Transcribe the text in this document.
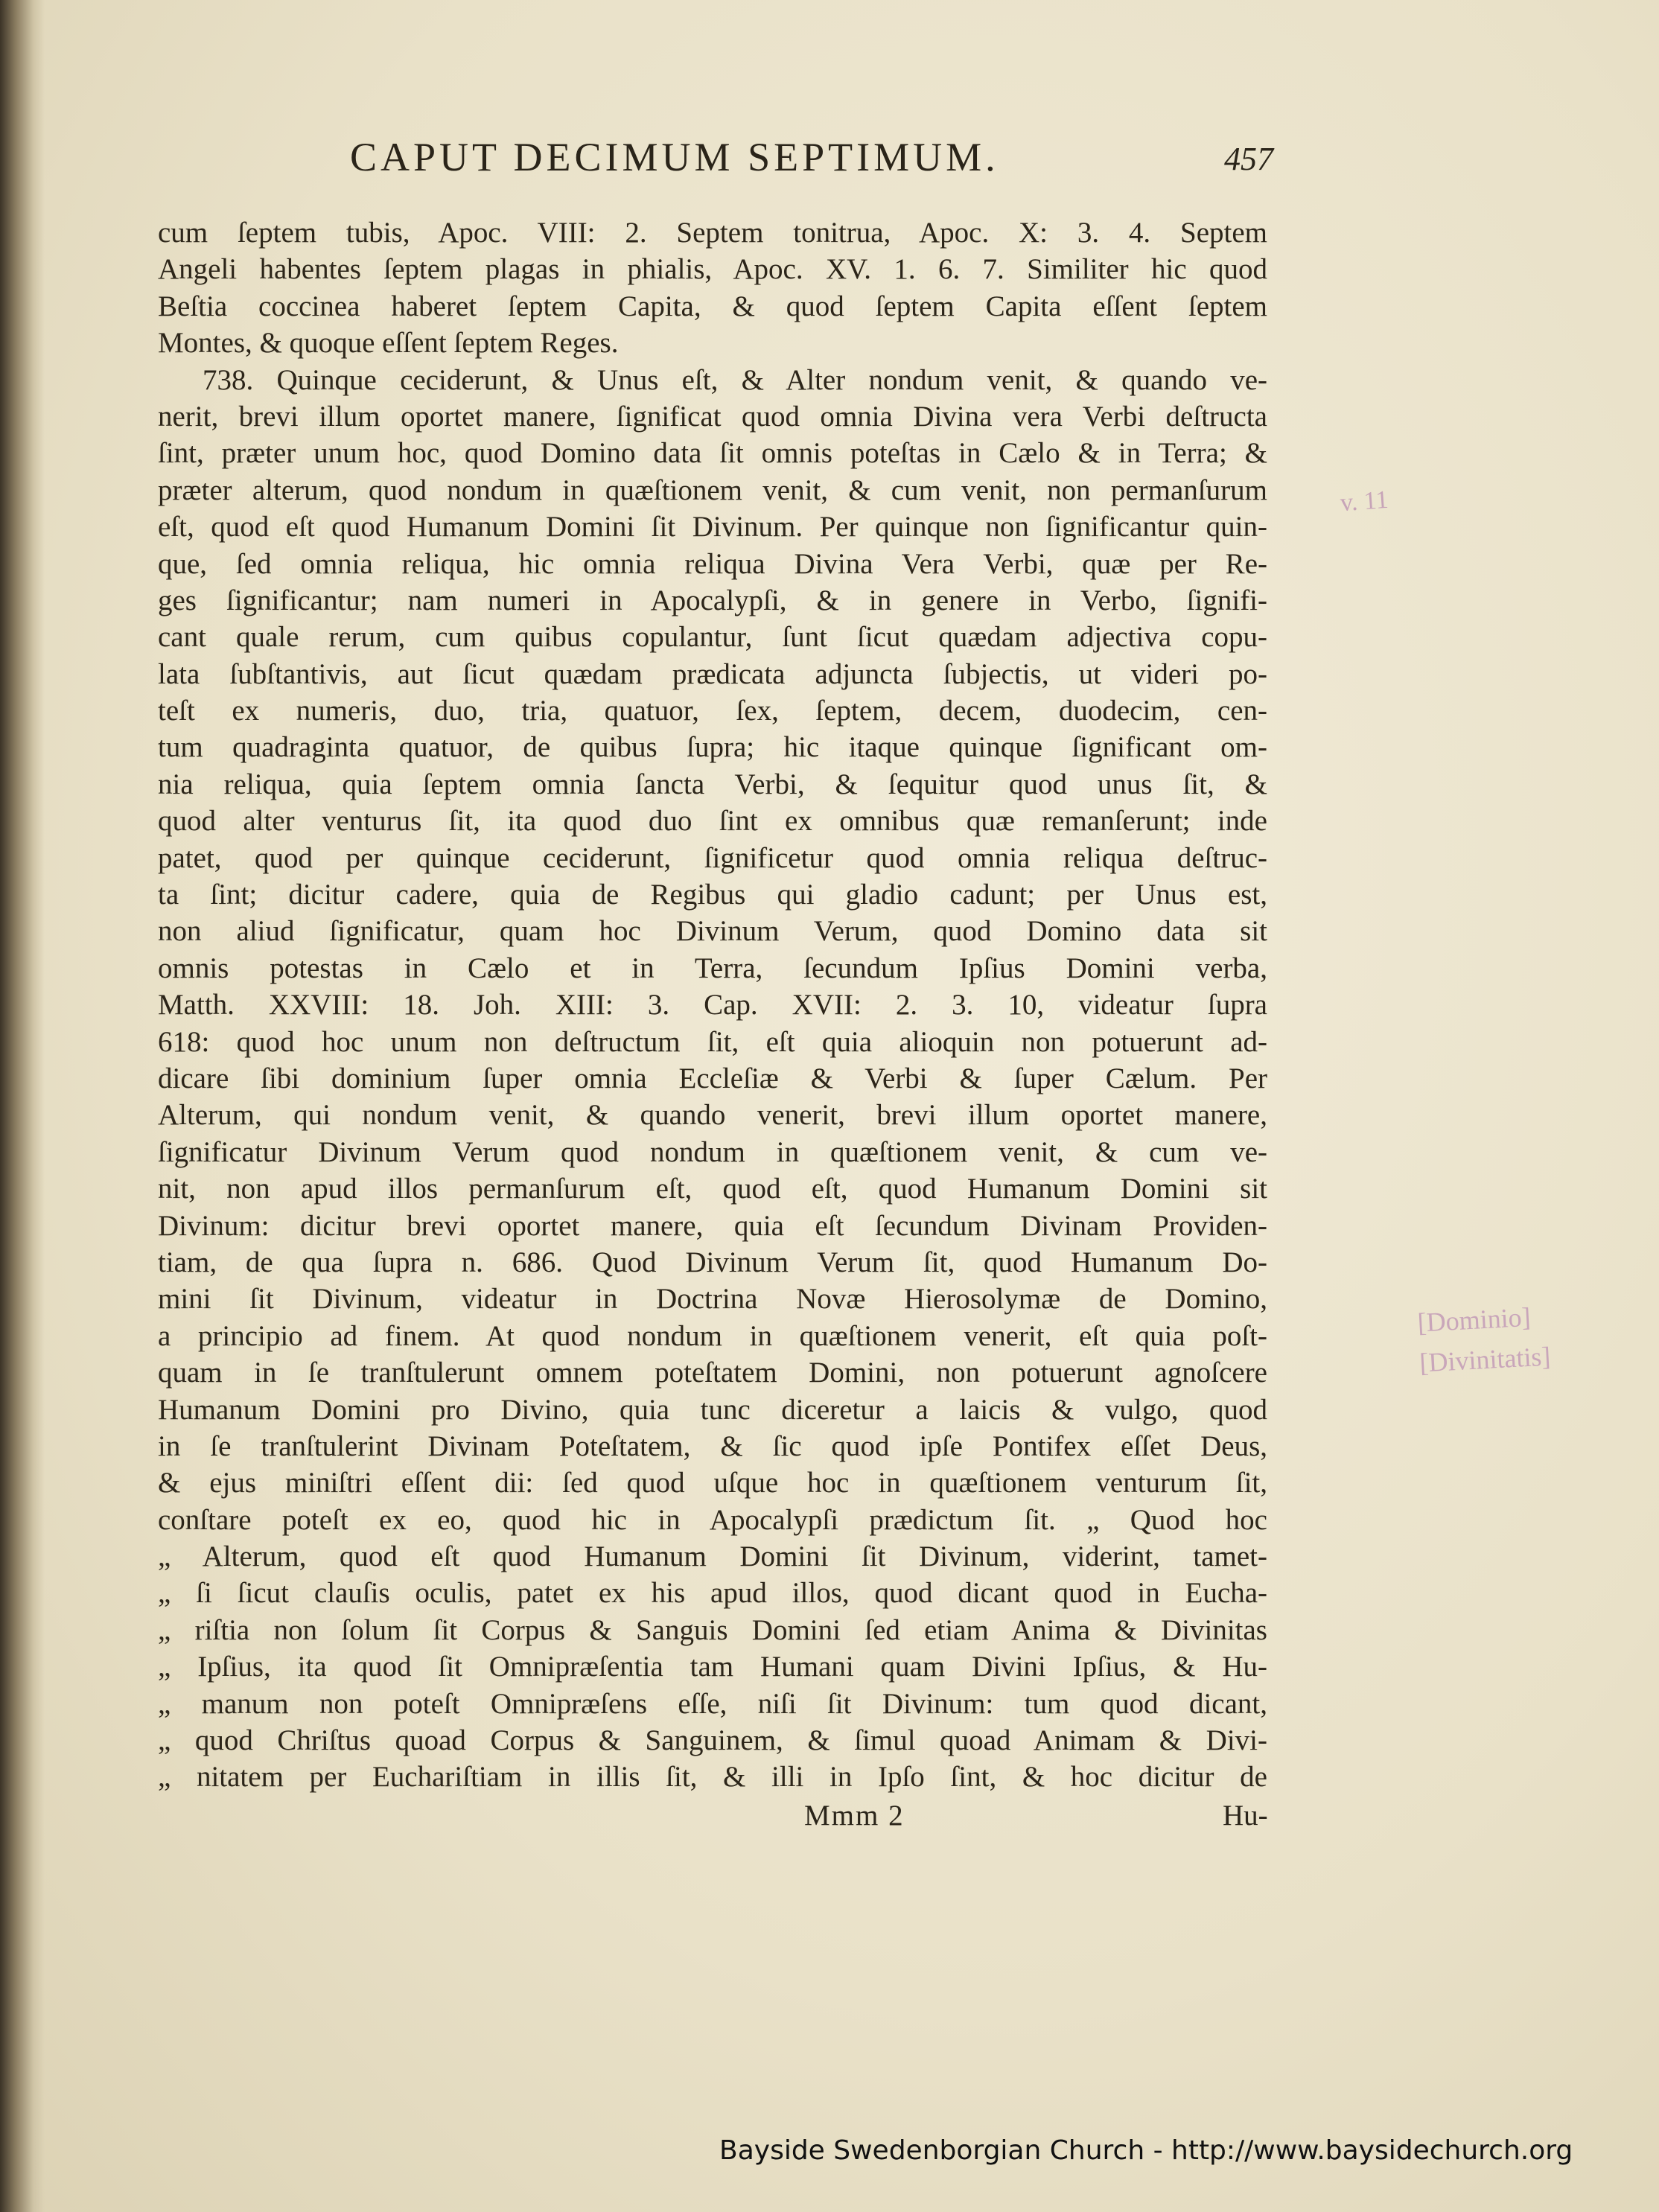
CAPUT DECIMUM SEPTIMUM.	457
cum ſeptem tubis, Apoc. VIII: 2. Septem tonitrua, Apoc. X: 3. 4. Septem
Angeli habentes ſeptem plagas in phialis, Apoc. XV. 1. 6. 7. Similiter hic quod
Beſtia coccinea haberet ſeptem Capita, & quod ſeptem Capita eſſent ſeptem
Montes, & quoque eſſent ſeptem Reges.
738. Quinque ceciderunt, & Unus eſt, & Alter nondum venit, & quando ve-
nerit, brevi illum oportet manere, ſignificat quod omnia Divina vera Verbi deſtructa
ſint, præter unum hoc, quod Domino data ſit omnis poteſtas in Cælo & in Terra; &
præter alterum, quod nondum in quæſtionem venit, & cum venit, non permanſurum
eſt, quod eſt quod Humanum Domini ſit Divinum. Per quinque non ſignificantur quin-
que, ſed omnia reliqua, hic omnia reliqua Divina Vera Verbi, quæ per Re-
ges ſignificantur; nam numeri in Apocalypſi, & in genere in Verbo, ſignifi-
cant quale rerum, cum quibus copulantur, ſunt ſicut quædam adjectiva copu-
lata ſubſtantivis, aut ſicut quædam prædicata adjuncta ſubjectis, ut videri po-
teſt ex numeris, duo, tria, quatuor, ſex, ſeptem, decem, duodecim, cen-
tum quadraginta quatuor, de quibus ſupra; hic itaque quinque ſignificant om-
nia reliqua, quia ſeptem omnia ſancta Verbi, & ſequitur quod unus ſit, &
quod alter venturus ſit, ita quod duo ſint ex omnibus quæ remanſerunt; inde
patet, quod per quinque ceciderunt, ſignificetur quod omnia reliqua deſtruc-
ta ſint; dicitur cadere, quia de Regibus qui gladio cadunt; per Unus est,
non aliud ſignificatur, quam hoc Divinum Verum, quod Domino data sit
omnis potestas in Cælo et in Terra, ſecundum Ipſius Domini verba,
Matth. XXVIII: 18. Joh. XIII: 3. Cap. XVII: 2. 3. 10, videatur ſupra
618: quod hoc unum non deſtructum ſit, eſt quia alioquin non potuerunt ad-
dicare ſibi dominium ſuper omnia Eccleſiæ & Verbi & ſuper Cælum. Per
Alterum, qui nondum venit, & quando venerit, brevi illum oportet manere,
ſignificatur Divinum Verum quod nondum in quæſtionem venit, & cum ve-
nit, non apud illos permanſurum eſt, quod eſt, quod Humanum Domini sit
Divinum: dicitur brevi oportet manere, quia eſt ſecundum Divinam Providen-
tiam, de qua ſupra n. 686. Quod Divinum Verum ſit, quod Humanum Do-
mini ſit Divinum, videatur in Doctrina Novæ Hierosolymæ de Domino,
a principio ad finem. At quod nondum in quæſtionem venerit, eſt quia poſt-
quam in ſe tranſtulerunt omnem poteſtatem Domini, non potuerunt agnoſcere
Humanum Domini pro Divino, quia tunc diceretur a laicis & vulgo, quod
in ſe tranſtulerint Divinam Poteſtatem, & ſic quod ipſe Pontifex eſſet Deus,
& ejus miniſtri eſſent dii: ſed quod uſque hoc in quæſtionem venturum ſit,
conſtare poteſt ex eo, quod hic in Apocalypſi prædictum ſit. „ Quod hoc
„ Alterum, quod eſt quod Humanum Domini ſit Divinum, viderint, tamet-
„ ſi ſicut clauſis oculis, patet ex his apud illos, quod dicant quod in Eucha-
„ riſtia non ſolum ſit Corpus & Sanguis Domini ſed etiam Anima & Divinitas
„ Ipſius, ita quod ſit Omnipræſentia tam Humani quam Divini Ipſius, & Hu-
„ manum non poteſt Omnipræſens eſſe, niſi ſit Divinum: tum quod dicant,
„ quod Chriſtus quoad Corpus & Sanguinem, & ſimul quoad Animam & Divi-
„ nitatem per Euchariſtiam in illis ſit, & illi in Ipſo ſint, & hoc dicitur de
Mmm 2	Hu-
v. 11
[Dominio]
[Divinitatis]
Bayside Swedenborgian Church - http://www.baysidechurch.org
